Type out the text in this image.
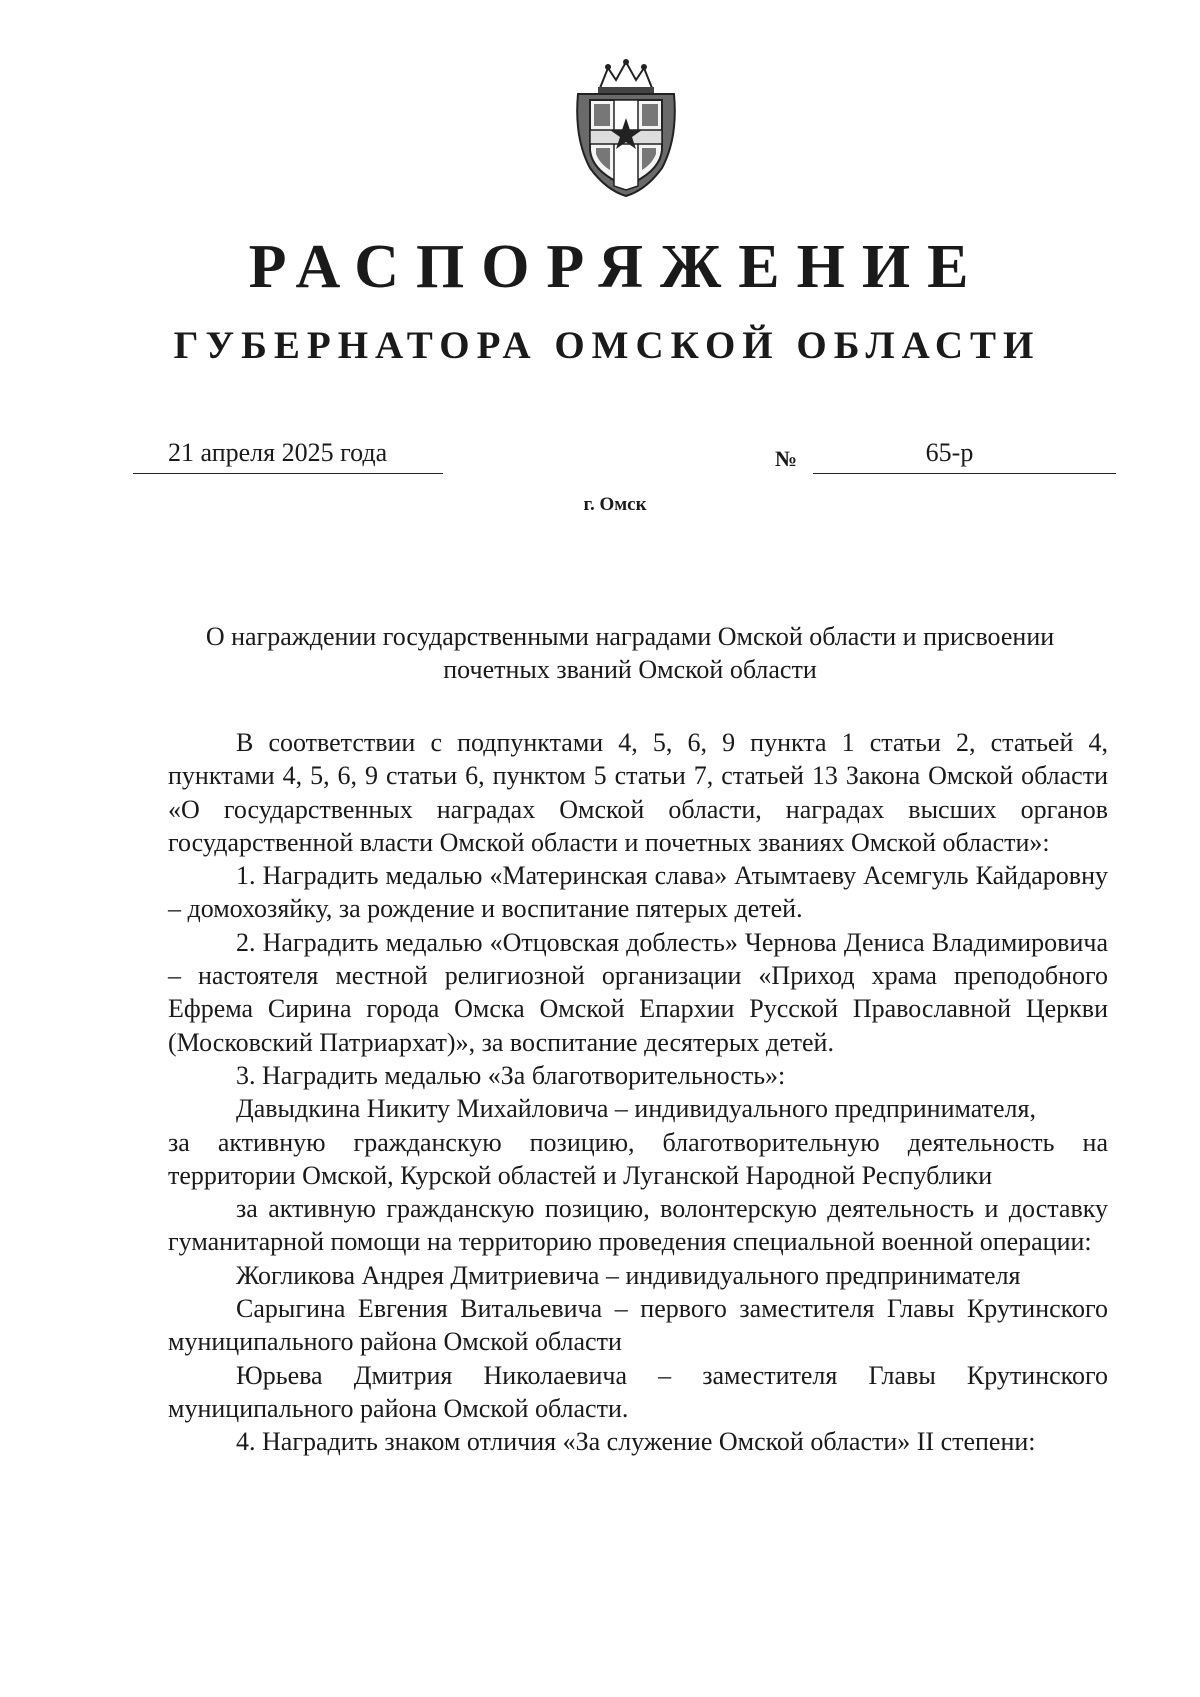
РАСПОРЯЖЕНИЕ
ГУБЕРНАТОРА ОМСКОЙ ОБЛАСТИ
21 апреля 2025 года	№	65-р
г. Омск
О награждении государственными наградами Омской области и присвоении
почетных званий Омской области

В соответствии с подпунктами 4, 5, 6, 9 пункта 1 статьи 2, статьей 4, пунктами 4, 5, 6, 9 статьи 6, пунктом 5 статьи 7, статьей 13 Закона Омской области «О государственных наградах Омской области, наградах высших органов государственной власти Омской области и почетных званиях Омской области»:

1. Наградить медалью «Материнская слава» Атымтаеву Асемгуль Кайдаровну – домохозяйку, за рождение и воспитание пятерых детей.

2. Наградить медалью «Отцовская доблесть» Чернова Дениса Владимировича – настоятеля местной религиозной организации «Приход храма преподобного Ефрема Сирина города Омска Омской Епархии Русской Православной Церкви (Московский Патриархат)», за воспитание десятерых детей.

3. Наградить медалью «За благотворительность»:

Давыдкина Никиту Михайловича – индивидуального предпринимателя,

за активную гражданскую позицию, благотворительную деятельность на территории Омской, Курской областей и Луганской Народной Республики

за активную гражданскую позицию, волонтерскую деятельность и доставку гуманитарной помощи на территорию проведения специальной военной операции:

Жогликова Андрея Дмитриевича – индивидуального предпринимателя

Сарыгина Евгения Витальевича – первого заместителя Главы Крутинского муниципального района Омской области

Юрьева Дмитрия Николаевича – заместителя Главы Крутинского муниципального района Омской области.

4. Наградить знаком отличия «За служение Омской области» II степени:
